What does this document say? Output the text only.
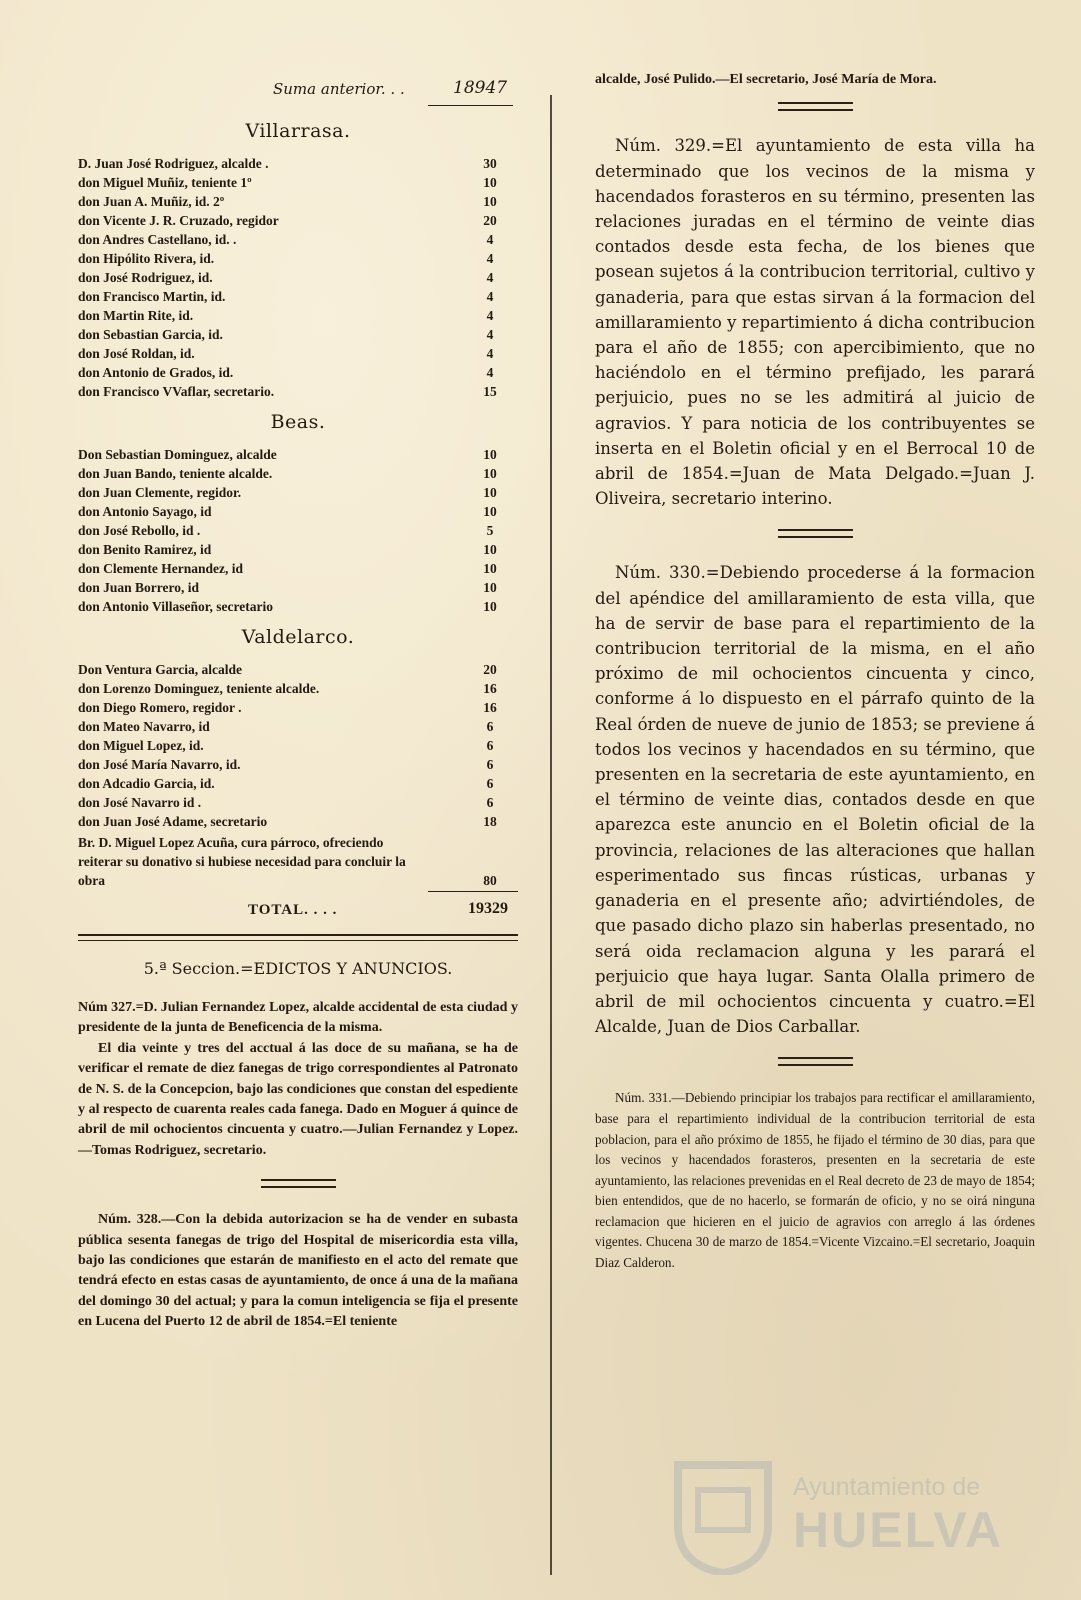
Suma anterior. . .	18947
Villarrasa.
D. Juan José Rodriguez, alcalde .	30
don Miguel Muñiz, teniente 1º	10
don Juan A. Muñiz, id. 2º	10
don Vicente J. R. Cruzado, regidor	20
don Andres Castellano, id. .	4
don Hipólito Rivera, id.	4
don José Rodriguez, id.	4
don Francisco Martin, id.	4
don Martin Rite, id.	4
don Sebastian Garcia, id.	4
don José Roldan, id.	4
don Antonio de Grados, id.	4
don Francisco VVaflar, secretario.	15
Beas.
Don Sebastian Dominguez, alcalde	10
don Juan Bando, teniente alcalde.	10
don Juan Clemente, regidor.	10
don Antonio Sayago, id	10
don José Rebollo, id .	5
don Benito Ramirez, id	10
don Clemente Hernandez, id	10
don Juan Borrero, id	10
don Antonio Villaseñor, secretario	10
Valdelarco.
Don Ventura Garcia, alcalde	20
don Lorenzo Dominguez, teniente alcalde.	16
don Diego Romero, regidor .	16
don Mateo Navarro, id	6
don Miguel Lopez, id.	6
don José María Navarro, id.	6
don Adcadio Garcia, id.	6
don José Navarro id .	6
don Juan José Adame, secretario	18
Br. D. Miguel Lopez Acuña, cura párroco, ofreciendo reiterar su donativo si hubiese necesidad para concluir la obra	80
TOTAL. . . .	19329
5.ª Seccion.=EDICTOS Y ANUNCIOS.

Núm 327.=D. Julian Fernandez Lopez, alcalde accidental de esta ciudad y presidente de la junta de Beneficencia de la misma.

El dia veinte y tres del acctual á las doce de su mañana, se ha de verificar el remate de diez fanegas de trigo correspondientes al Patronato de N. S. de la Concepcion, bajo las condiciones que constan del espediente y al respecto de cuarenta reales cada fanega. Dado en Moguer á quince de abril de mil ochocientos cincuenta y cuatro.—Julian Fernandez y Lopez.—Tomas Rodriguez, secretario.

Núm. 328.—Con la debida autorizacion se ha de vender en subasta pública sesenta fanegas de trigo del Hospital de misericordia esta villa, bajo las condiciones que estarán de manifiesto en el acto del remate que tendrá efecto en estas casas de ayuntamiento, de once á una de la mañana del domingo 30 del actual; y para la comun inteligencia se fija el presente en Lucena del Puerto 12 de abril de 1854.=El teniente

alcalde, José Pulido.—El secretario, José María de Mora.

Núm. 329.=El ayuntamiento de esta villa ha determinado que los vecinos de la misma y hacendados forasteros en su término, presenten las relaciones juradas en el término de veinte dias contados desde esta fecha, de los bienes que posean sujetos á la contribucion territorial, cultivo y ganaderia, para que estas sirvan á la formacion del amillaramiento y repartimiento á dicha contribucion para el año de 1855; con apercibimiento, que no haciéndolo en el término prefijado, les parará perjuicio, pues no se les admitirá al juicio de agravios. Y para noticia de los contribuyentes se inserta en el Boletin oficial y en el Berrocal 10 de abril de 1854.=Juan de Mata Delgado.=Juan J. Oliveira, secretario interino.

Núm. 330.=Debiendo procederse á la formacion del apéndice del amillaramiento de esta villa, que ha de servir de base para el repartimiento de la contribucion territorial de la misma, en el año próximo de mil ochocientos cincuenta y cinco, conforme á lo dispuesto en el párrafo quinto de la Real órden de nueve de junio de 1853; se previene á todos los vecinos y hacendados en su término, que presenten en la secretaria de este ayuntamiento, en el término de veinte dias, contados desde en que aparezca este anuncio en el Boletin oficial de la provincia, relaciones de las alteraciones que hallan esperimentado sus fincas rústicas, urbanas y ganaderia en el presente año; advirtiéndoles, de que pasado dicho plazo sin haberlas presentado, no será oida reclamacion alguna y les parará el perjuicio que haya lugar. Santa Olalla primero de abril de mil ochocientos cincuenta y cuatro.=El Alcalde, Juan de Dios Carballar.

Núm. 331.—Debiendo principiar los trabajos para rectificar el amillaramiento, base para el repartimiento individual de la contribucion territorial de esta poblacion, para el año próximo de 1855, he fijado el término de 30 dias, para que los vecinos y hacendados forasteros, presenten en la secretaria de este ayuntamiento, las relaciones prevenidas en el Real decreto de 23 de mayo de 1854; bien entendidos, que de no hacerlo, se formarán de oficio, y no se oirá ninguna reclamacion que hicieren en el juicio de agravios con arreglo á las órdenes vigentes. Chucena 30 de marzo de 1854.=Vicente Vizcaino.=El secretario, Joaquin Diaz Calderon.

Ayuntamiento de
HUELVA
